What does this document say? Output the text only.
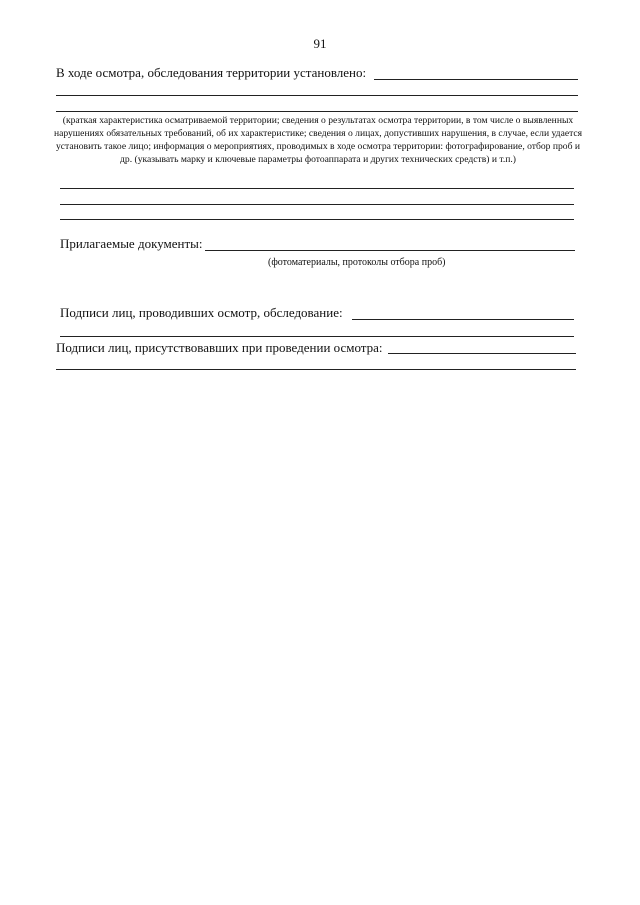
91
В ходе осмотра, обследования территории установлено:
(краткая характеристика осматриваемой территории; сведения о результатах осмотра территории, в том числе о выявленных нарушениях обязательных требований, об их характеристике; сведения о лицах, допустивших нарушения, в случае, если удается установить такое лицо; информация о мероприятиях, проводимых в ходе осмотра территории: фотографирование, отбор проб и др. (указывать марку и ключевые параметры фотоаппарата и других технических средств) и т.п.)
Прилагаемые документы:
(фотоматериалы, протоколы отбора проб)
Подписи лиц, проводивших осмотр, обследование:
Подписи лиц, присутствовавших при проведении осмотра:
